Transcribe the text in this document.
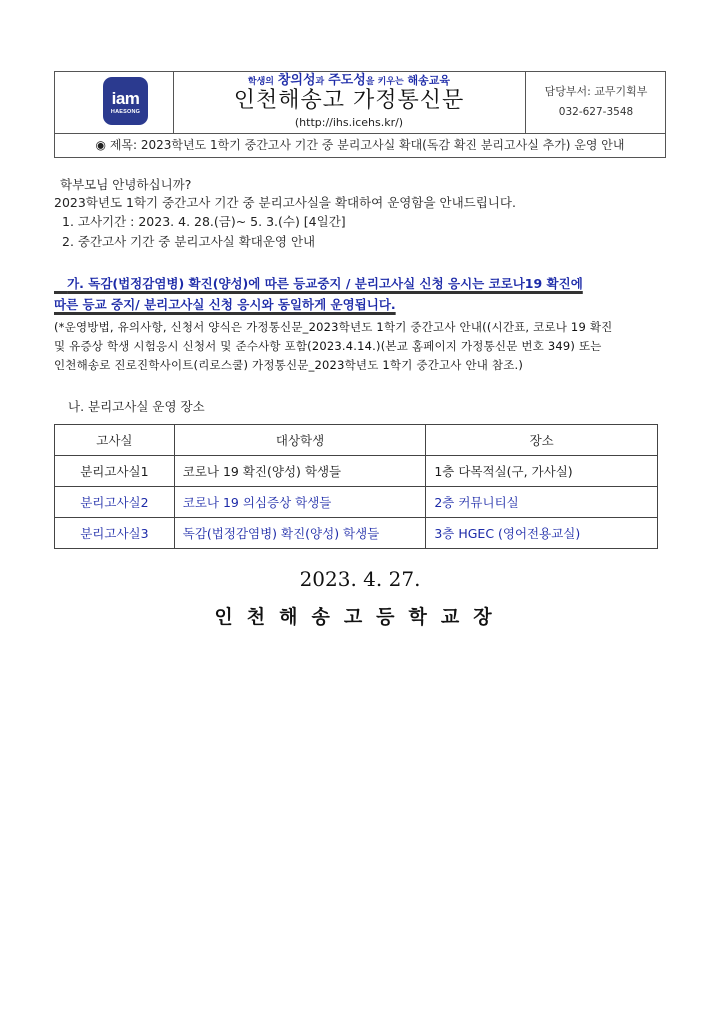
iam
HAESONG
학생의 창의성과 주도성을 키우는 해송교육
인천해송고 가정통신문
(http://ihs.icehs.kr/)
담당부서: 교무기획부
032-627-3548
◉ 제목: 2023학년도 1학기 중간고사 기간 중 분리고사실 확대(독감 확진 분리고사실 추가) 운영 안내
학부모님 안녕하십니까?
2023학년도 1학기 중간고사 기간 중 분리고사실을 확대하여 운영함을 안내드립니다.
1. 고사기간 : 2023. 4. 28.(금)~ 5. 3.(수) [4일간]
2. 중간고사 기간 중 분리고사실 확대운영 안내
가. 독감(법정감염병) 확진(양성)에 따른 등교중지 / 분리고사실 신청 응시는 코로나19 확진에
따른 등교 중지/ 분리고사실 신청 응시와 동일하게 운영됩니다.
(*운영방법, 유의사항, 신청서 양식은 가정통신문_2023학년도 1학기 중간고사 안내((시간표, 코로나 19 확진
및 유증상 학생 시험응시 신청서 및 준수사항 포함(2023.4.14.)(본교 홈페이지 가정통신문 번호 349) 또는
인천해송로 진로진학사이트(리로스쿨) 가정통신문_2023학년도 1학기 중간고사 안내 참조.)
나. 분리고사실 운영 장소
고사실	대상학생	장소
분리고사실1	코로나 19 확진(양성) 학생들	1층 다목적실(구, 가사실)
분리고사실2	코로나 19 의심증상 학생들	2층 커뮤니티실
분리고사실3	독감(법정감염병) 확진(양성) 학생들	3층 HGEC (영어전용교실)
2023. 4. 27.
인천해송고등학교장
